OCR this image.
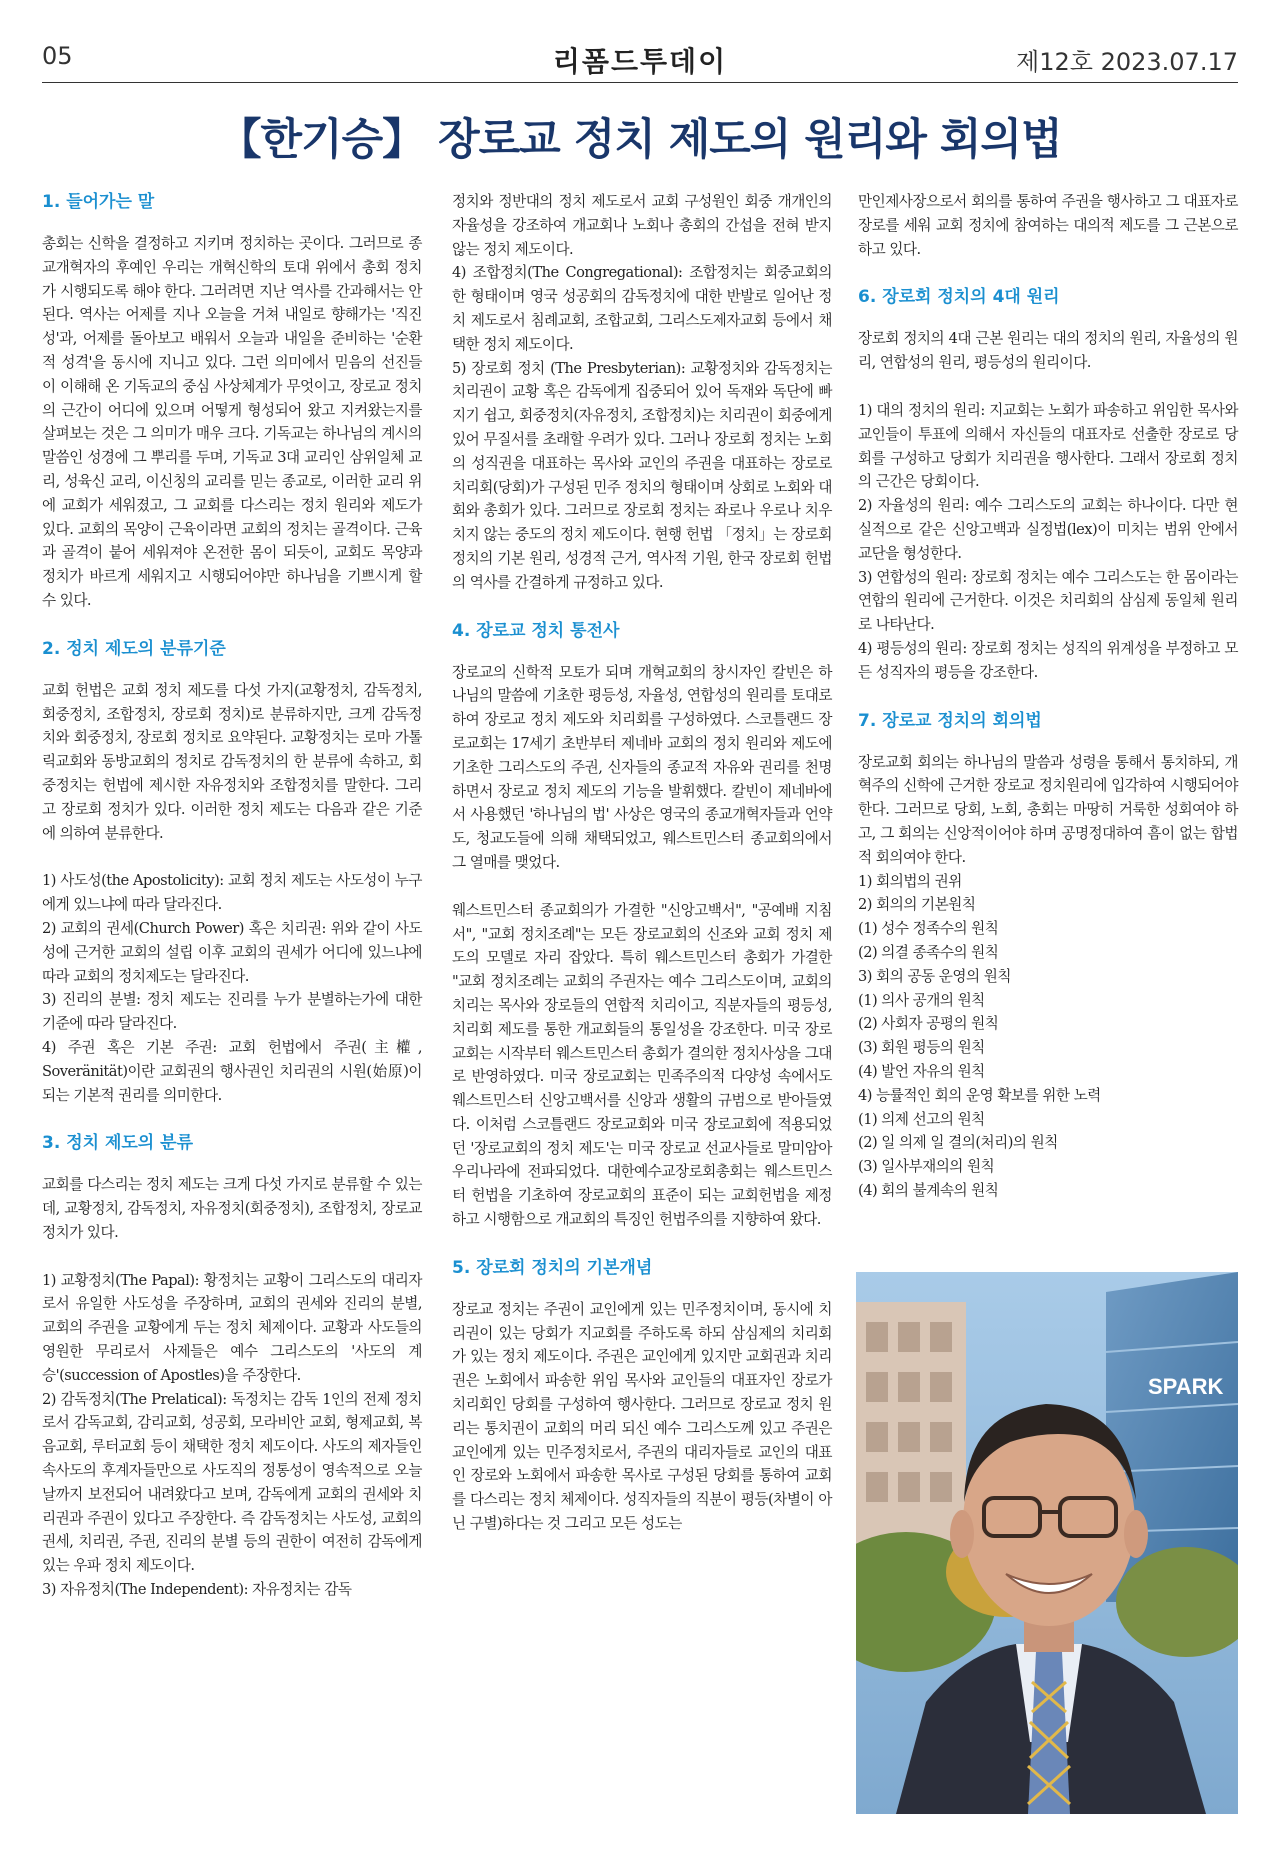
05	리폼드투데이	제12호 2023.07.17
【한기승】 장로교 정치 제도의 원리와 회의법
1. 들어가는 말
총회는 신학을 결정하고 지키며 정치하는 곳이다. 그러므로 종교개혁자의 후예인 우리는 개혁신학의 토대 위에서 총회 정치가 시행되도록 해야 한다. 그러려면 지난 역사를 간과해서는 안 된다. 역사는 어제를 지나 오늘을 거쳐 내일로 향해가는 '직진성'과, 어제를 돌아보고 배워서 오늘과 내일을 준비하는 '순환적 성격'을 동시에 지니고 있다. 그런 의미에서 믿음의 선진들이 이해해 온 기독교의 중심 사상체계가 무엇이고, 장로교 정치의 근간이 어디에 있으며 어떻게 형성되어 왔고 지켜왔는지를 살펴보는 것은 그 의미가 매우 크다. 기독교는 하나님의 계시의 말씀인 성경에 그 뿌리를 두며, 기독교 3대 교리인 삼위일체 교리, 성육신 교리, 이신칭의 교리를 믿는 종교로, 이러한 교리 위에 교회가 세워졌고, 그 교회를 다스리는 정치 원리와 제도가 있다. 교회의 목양이 근육이라면 교회의 정치는 골격이다. 근육과 골격이 붙어 세워져야 온전한 몸이 되듯이, 교회도 목양과 정치가 바르게 세워지고 시행되어야만 하나님을 기쁘시게 할 수 있다.
2. 정치 제도의 분류기준
교회 헌법은 교회 정치 제도를 다섯 가지(교황정치, 감독정치, 회중정치, 조합정치, 장로회 정치)로 분류하지만, 크게 감독정치와 회중정치, 장로회 정치로 요약된다. 교황정치는 로마 가톨릭교회와 동방교회의 정치로 감독정치의 한 분류에 속하고, 회중정치는 헌법에 제시한 자유정치와 조합정치를 말한다. 그리고 장로회 정치가 있다. 이러한 정치 제도는 다음과 같은 기준에 의하여 분류한다.
1) 사도성(the Apostolicity): 교회 정치 제도는 사도성이 누구에게 있느냐에 따라 달라진다.
2) 교회의 권세(Church Power) 혹은 치리권: 위와 같이 사도성에 근거한 교회의 설립 이후 교회의 권세가 어디에 있느냐에 따라 교회의 정치제도는 달라진다.
3) 진리의 분별: 정치 제도는 진리를 누가 분별하는가에 대한 기준에 따라 달라진다.
4) 주권 혹은 기본 주권: 교회 헌법에서 주권(主權, Soveränität)이란 교회권의 행사권인 치리권의 시원(始原)이 되는 기본적 권리를 의미한다.
3. 정치 제도의 분류
교회를 다스리는 정치 제도는 크게 다섯 가지로 분류할 수 있는데, 교황정치, 감독정치, 자유정치(회중정치), 조합정치, 장로교 정치가 있다.
1) 교황정치(The Papal): 황정치는 교황이 그리스도의 대리자로서 유일한 사도성을 주장하며, 교회의 권세와 진리의 분별, 교회의 주권을 교황에게 두는 정치 체제이다. 교황과 사도들의 영원한 무리로서 사제들은 예수 그리스도의 '사도의 계승'(succession of Apostles)을 주장한다.
2) 감독정치(The Prelatical): 독정치는 감독 1인의 전제 정치로서 감독교회, 감리교회, 성공회, 모라비안 교회, 형제교회, 복음교회, 루터교회 등이 채택한 정치 제도이다. 사도의 제자들인 속사도의 후계자들만으로 사도직의 정통성이 영속적으로 오늘날까지 보전되어 내려왔다고 보며, 감독에게 교회의 권세와 치리권과 주권이 있다고 주장한다. 즉 감독정치는 사도성, 교회의 권세, 치리권, 주권, 진리의 분별 등의 권한이 여전히 감독에게 있는 우파 정치 제도이다.
3) 자유정치(The Independent): 자유정치는 감독
정치와 정반대의 정치 제도로서 교회 구성원인 회중 개개인의 자율성을 강조하여 개교회나 노회나 총회의 간섭을 전혀 받지 않는 정치 제도이다.
4) 조합정치(The Congregational): 조합정치는 회중교회의 한 형태이며 영국 성공회의 감독정치에 대한 반발로 일어난 정치 제도로서 침례교회, 조합교회, 그리스도제자교회 등에서 채택한 정치 제도이다.
5) 장로회 정치 (The Presbyterian): 교황정치와 감독정치는 치리권이 교황 혹은 감독에게 집중되어 있어 독재와 독단에 빠지기 쉽고, 회중정치(자유정치, 조합정치)는 치리권이 회중에게 있어 무질서를 초래할 우려가 있다. 그러나 장로회 정치는 노회의 성직권을 대표하는 목사와 교인의 주권을 대표하는 장로로 치리회(당회)가 구성된 민주 정치의 형태이며 상회로 노회와 대회와 총회가 있다. 그러므로 장로회 정치는 좌로나 우로나 치우치지 않는 중도의 정치 제도이다. 현행 헌법 「정치」는 장로회 정치의 기본 원리, 성경적 근거, 역사적 기원, 한국 장로회 헌법의 역사를 간결하게 규정하고 있다.
4. 장로교 정치 통전사
장로교의 신학적 모토가 되며 개혁교회의 창시자인 칼빈은 하나님의 말씀에 기초한 평등성, 자율성, 연합성의 원리를 토대로 하여 장로교 정치 제도와 치리회를 구성하였다. 스코틀랜드 장로교회는 17세기 초반부터 제네바 교회의 정치 원리와 제도에 기초한 그리스도의 주권, 신자들의 종교적 자유와 권리를 천명하면서 장로교 정치 제도의 기능을 발휘했다. 칼빈이 제네바에서 사용했던 '하나님의 법' 사상은 영국의 종교개혁자들과 언약도, 청교도들에 의해 채택되었고, 웨스트민스터 종교회의에서 그 열매를 맺었다.
웨스트민스터 종교회의가 가결한 "신앙고백서", "공예배 지침서", "교회 정치조례"는 모든 장로교회의 신조와 교회 정치 제도의 모델로 자리 잡았다. 특히 웨스트민스터 총회가 가결한 "교회 정치조례는 교회의 주권자는 예수 그리스도이며, 교회의 치리는 목사와 장로들의 연합적 치리이고, 직분자들의 평등성, 치리회 제도를 통한 개교회들의 통일성을 강조한다. 미국 장로교회는 시작부터 웨스트민스터 총회가 결의한 정치사상을 그대로 반영하였다. 미국 장로교회는 민족주의적 다양성 속에서도 웨스트민스터 신앙고백서를 신앙과 생활의 규범으로 받아들였다. 이처럼 스코틀랜드 장로교회와 미국 장로교회에 적용되었던 '장로교회의 정치 제도'는 미국 장로교 선교사들로 말미암아 우리나라에 전파되었다. 대한예수교장로회총회는 웨스트민스터 헌법을 기초하여 장로교회의 표준이 되는 교회헌법을 제정하고 시행함으로 개교회의 특징인 헌법주의를 지향하여 왔다.
5. 장로회 정치의 기본개념
장로교 정치는 주권이 교인에게 있는 민주정치이며, 동시에 치리권이 있는 당회가 지교회를 주하도록 하되 삼심제의 치리회가 있는 정치 제도이다. 주권은 교인에게 있지만 교회권과 치리권은 노회에서 파송한 위임 목사와 교인들의 대표자인 장로가 치리회인 당회를 구성하여 행사한다. 그러므로 장로교 정치 원리는 통치권이 교회의 머리 되신 예수 그리스도께 있고 주권은 교인에게 있는 민주정치로서, 주권의 대리자들로 교인의 대표인 장로와 노회에서 파송한 목사로 구성된 당회를 통하여 교회를 다스리는 정치 체제이다. 성직자들의 직분이 평등(차별이 아닌 구별)하다는 것 그리고 모든 성도는
만인제사장으로서 회의를 통하여 주권을 행사하고 그 대표자로 장로를 세워 교회 정치에 참여하는 대의적 제도를 그 근본으로 하고 있다.
6. 장로회 정치의 4대 원리
장로회 정치의 4대 근본 원리는 대의 정치의 원리, 자율성의 원리, 연합성의 원리, 평등성의 원리이다.
1) 대의 정치의 원리: 지교회는 노회가 파송하고 위임한 목사와 교인들이 투표에 의해서 자신들의 대표자로 선출한 장로로 당회를 구성하고 당회가 치리권을 행사한다. 그래서 장로회 정치의 근간은 당회이다.
2) 자율성의 원리: 예수 그리스도의 교회는 하나이다. 다만 현실적으로 같은 신앙고백과 실정법(lex)이 미치는 범위 안에서 교단을 형성한다.
3) 연합성의 원리: 장로회 정치는 예수 그리스도는 한 몸이라는 연합의 원리에 근거한다. 이것은 치리회의 삼심제 동일체 원리로 나타난다.
4) 평등성의 원리: 장로회 정치는 성직의 위계성을 부정하고 모든 성직자의 평등을 강조한다.
7. 장로교 정치의 회의법
장로교회 회의는 하나님의 말씀과 성령을 통해서 통치하되, 개혁주의 신학에 근거한 장로교 정치원리에 입각하여 시행되어야 한다. 그러므로 당회, 노회, 총회는 마땅히 거룩한 성회여야 하고, 그 회의는 신앙적이어야 하며 공명정대하여 흠이 없는 합법적 회의여야 한다.
1) 회의법의 권위
2) 회의의 기본원칙
(1) 성수 정족수의 원칙
(2) 의결 종족수의 원칙
3) 회의 공동 운영의 원칙
(1) 의사 공개의 원칙
(2) 사회자 공평의 원칙
(3) 회원 평등의 원칙
(4) 발언 자유의 원칙
4) 능률적인 회의 운영 확보를 위한 노력
(1) 의제 선고의 원칙
(2) 일 의제 일 결의(처리)의 원칙
(3) 일사부재의의 원칙
(4) 회의 불계속의 원칙
SPARK
